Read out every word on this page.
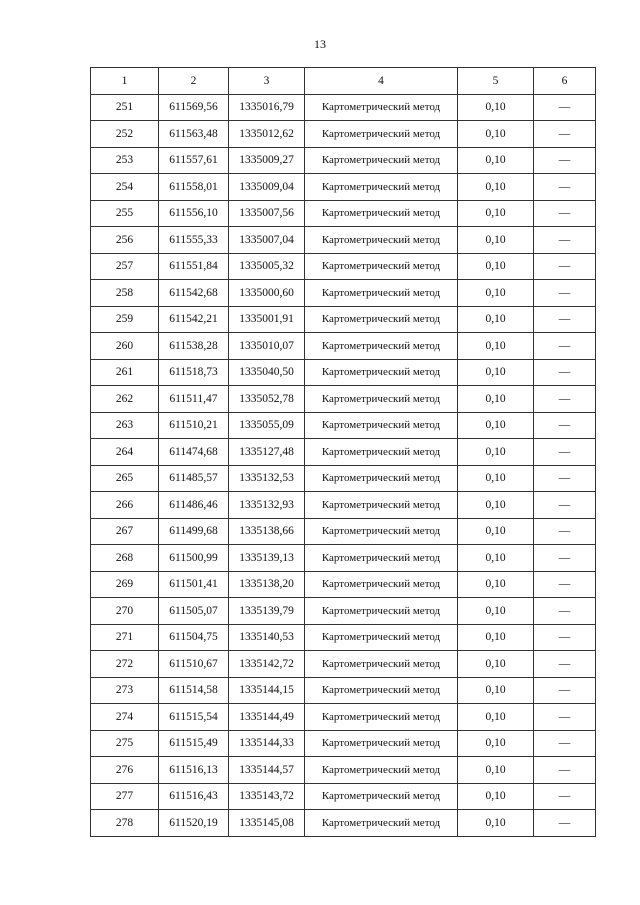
13
1	2	3	4	5	6
251	611569,56	1335016,79	Картометрический метод	0,10	—
252	611563,48	1335012,62	Картометрический метод	0,10	—
253	611557,61	1335009,27	Картометрический метод	0,10	—
254	611558,01	1335009,04	Картометрический метод	0,10	—
255	611556,10	1335007,56	Картометрический метод	0,10	—
256	611555,33	1335007,04	Картометрический метод	0,10	—
257	611551,84	1335005,32	Картометрический метод	0,10	—
258	611542,68	1335000,60	Картометрический метод	0,10	—
259	611542,21	1335001,91	Картометрический метод	0,10	—
260	611538,28	1335010,07	Картометрический метод	0,10	—
261	611518,73	1335040,50	Картометрический метод	0,10	—
262	611511,47	1335052,78	Картометрический метод	0,10	—
263	611510,21	1335055,09	Картометрический метод	0,10	—
264	611474,68	1335127,48	Картометрический метод	0,10	—
265	611485,57	1335132,53	Картометрический метод	0,10	—
266	611486,46	1335132,93	Картометрический метод	0,10	—
267	611499,68	1335138,66	Картометрический метод	0,10	—
268	611500,99	1335139,13	Картометрический метод	0,10	—
269	611501,41	1335138,20	Картометрический метод	0,10	—
270	611505,07	1335139,79	Картометрический метод	0,10	—
271	611504,75	1335140,53	Картометрический метод	0,10	—
272	611510,67	1335142,72	Картометрический метод	0,10	—
273	611514,58	1335144,15	Картометрический метод	0,10	—
274	611515,54	1335144,49	Картометрический метод	0,10	—
275	611515,49	1335144,33	Картометрический метод	0,10	—
276	611516,13	1335144,57	Картометрический метод	0,10	—
277	611516,43	1335143,72	Картометрический метод	0,10	—
278	611520,19	1335145,08	Картометрический метод	0,10	—
